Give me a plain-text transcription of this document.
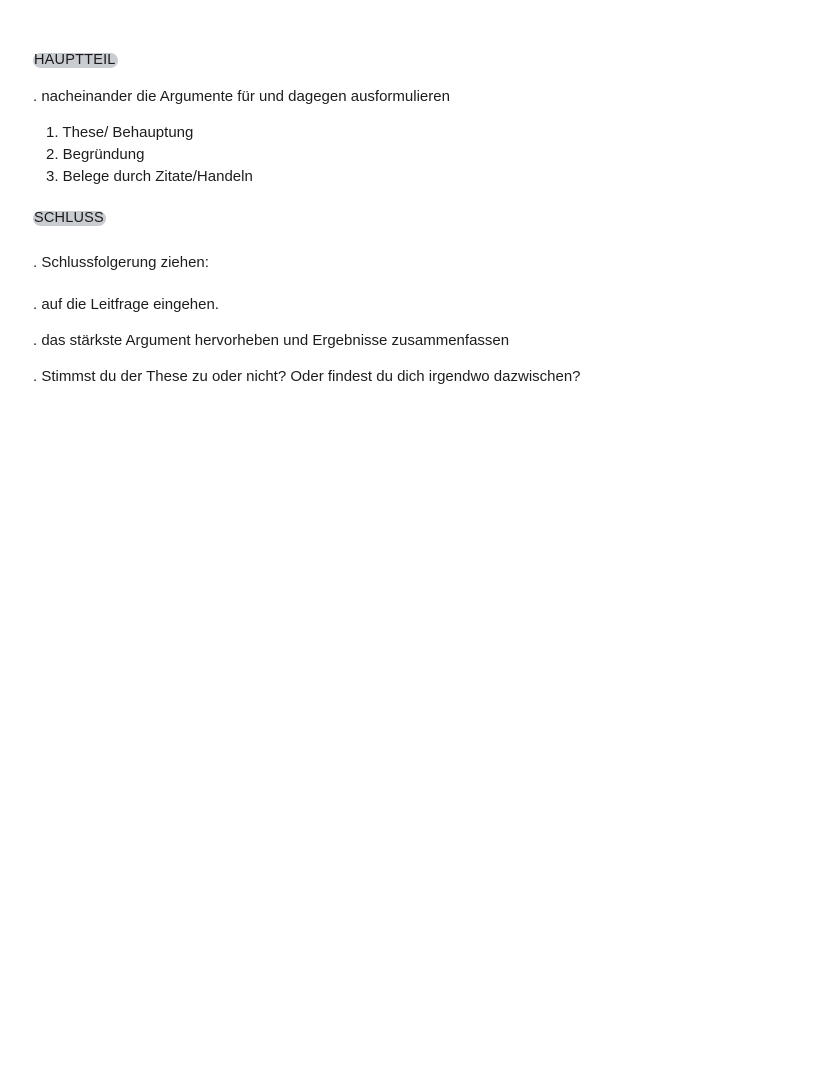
HAUPTTEIL
. nacheinander die Argumente für und dagegen ausformulieren
1. These/ Behauptung
2. Begründung
3. Belege durch Zitate/Handeln
SCHLUSS
. Schlussfolgerung ziehen:
. auf die Leitfrage eingehen.
. das stärkste Argument hervorheben und Ergebnisse zusammenfassen
. Stimmst du der These zu oder nicht? Oder findest du dich irgendwo dazwischen?
